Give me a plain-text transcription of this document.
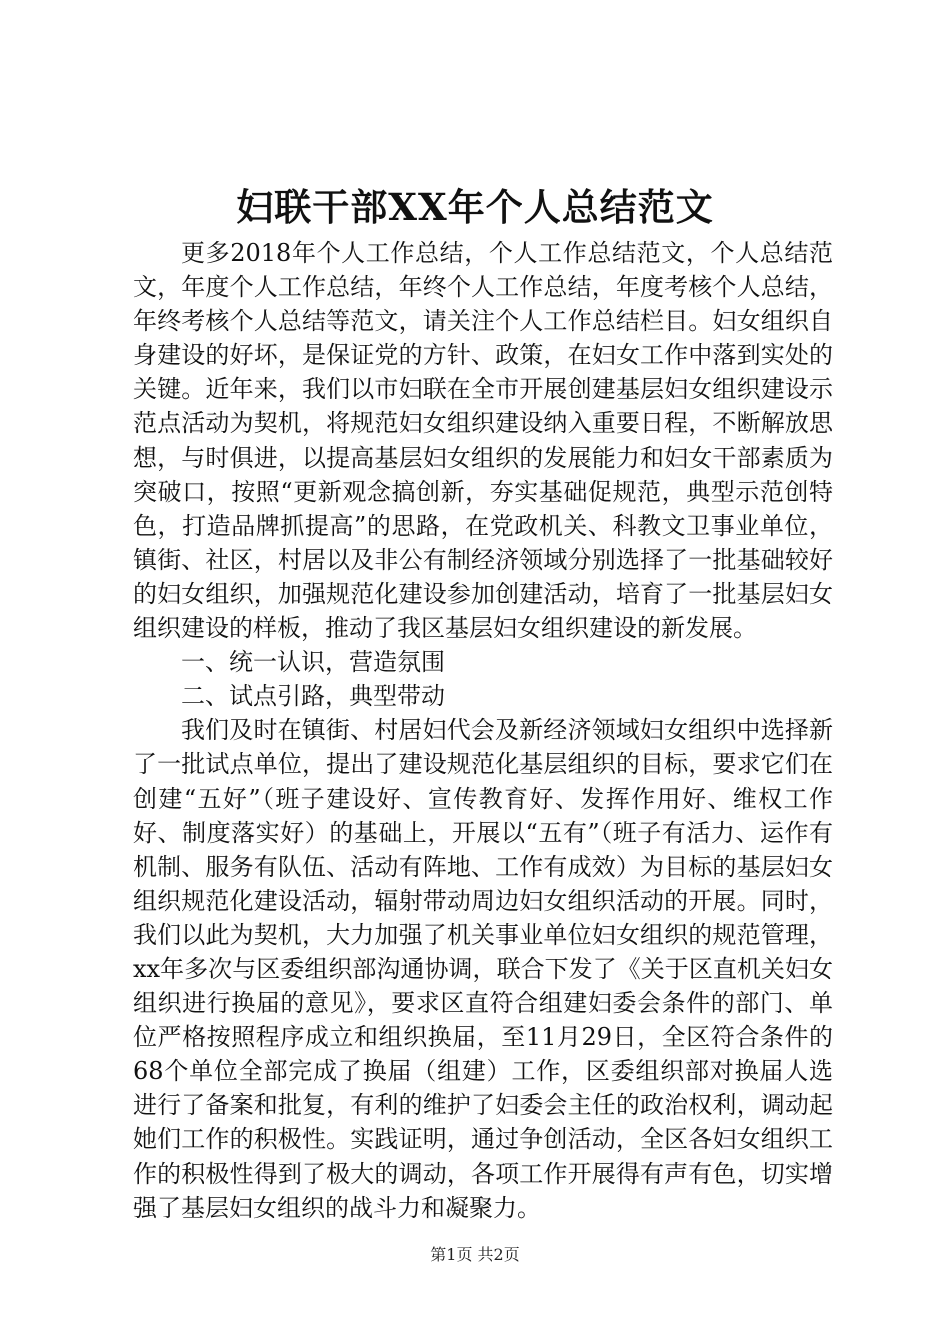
妇联干部XX年个人总结范文

更多2018年个人工作总结，个人工作总结范文，个人总结范文，年度个人工作总结，年终个人工作总结，年度考核个人总结，年终考核个人总结等范文，请关注个人工作总结栏目。妇女组织自身建设的好坏，是保证党的方针、政策，在妇女工作中落到实处的关键。近年来，我们以市妇联在全市开展创建基层妇女组织建设示范点活动为契机，将规范妇女组织建设纳入重要日程，不断解放思想，与时俱进，以提高基层妇女组织的发展能力和妇女干部素质为突破口，按照“更新观念搞创新，夯实基础促规范，典型示范创特色，打造品牌抓提高”的思路，在党政机关、科教文卫事业单位，镇街、社区，村居以及非公有制经济领域分别选择了一批基础较好的妇女组织，加强规范化建设参加创建活动，培育了一批基层妇女组织建设的样板，推动了我区基层妇女组织建设的新发展。

一、统一认识，营造氛围

二、试点引路，典型带动

我们及时在镇街、村居妇代会及新经济领域妇女组织中选择新了一批试点单位，提出了建设规范化基层组织的目标，要求它们在创建“五好”（班子建设好、宣传教育好、发挥作用好、维权工作好、制度落实好）的基础上，开展以“五有”（班子有活力、运作有机制、服务有队伍、活动有阵地、工作有成效）为目标的基层妇女组织规范化建设活动，辐射带动周边妇女组织活动的开展。同时，我们以此为契机，大力加强了机关事业单位妇女组织的规范管理，xx年多次与区委组织部沟通协调，联合下发了《关于区直机关妇女组织进行换届的意见》，要求区直符合组建妇委会条件的部门、单位严格按照程序成立和组织换届，至11月29日，全区符合条件的68个单位全部完成了换届（组建）工作，区委组织部对换届人选进行了备案和批复，有利的维护了妇委会主任的政治权利，调动起她们工作的积极性。实践证明，通过争创活动，全区各妇女组织工作的积极性得到了极大的调动，各项工作开展得有声有色，切实增强了基层妇女组织的战斗力和凝聚力。

第1页 共2页
